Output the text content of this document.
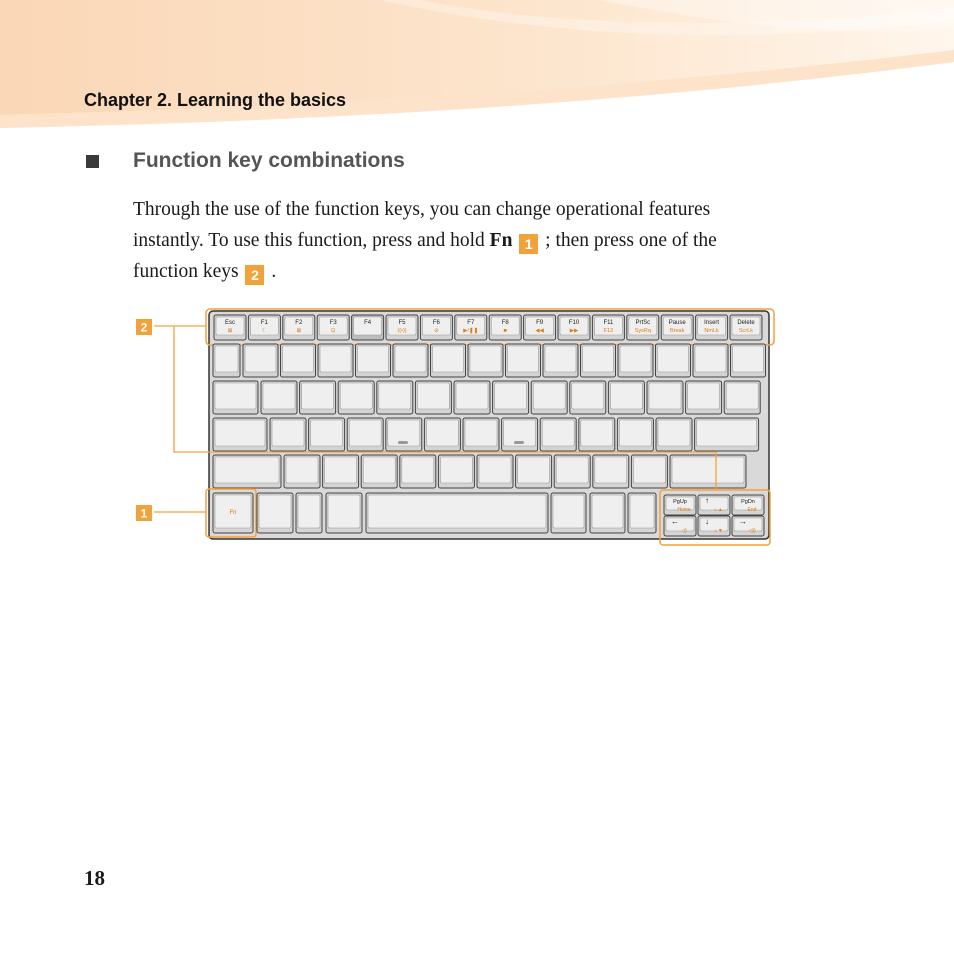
Chapter 2. Learning the basics
Function key combinations

Through the use of the function keys, you can change operational features

instantly. To use this function, press and hold Fn 1 ; then press one of the

function keys 2 .

Esc
⊠
F1
☾
F2
⊠
F3
⊡
F4	F5
((•))
F6
⊘
F7
▶/❚❚
F8
■
F9
◀◀
F10
▶▶
F11
F12
PrtSc
SysRq
Pause
Break
Insert
NmLk
Delete
ScrLk
Fn
PgUp
Home
↑
☼▲
PgDn
End
←
◁)
↓
☼▼
→
◁))
2
1
18
